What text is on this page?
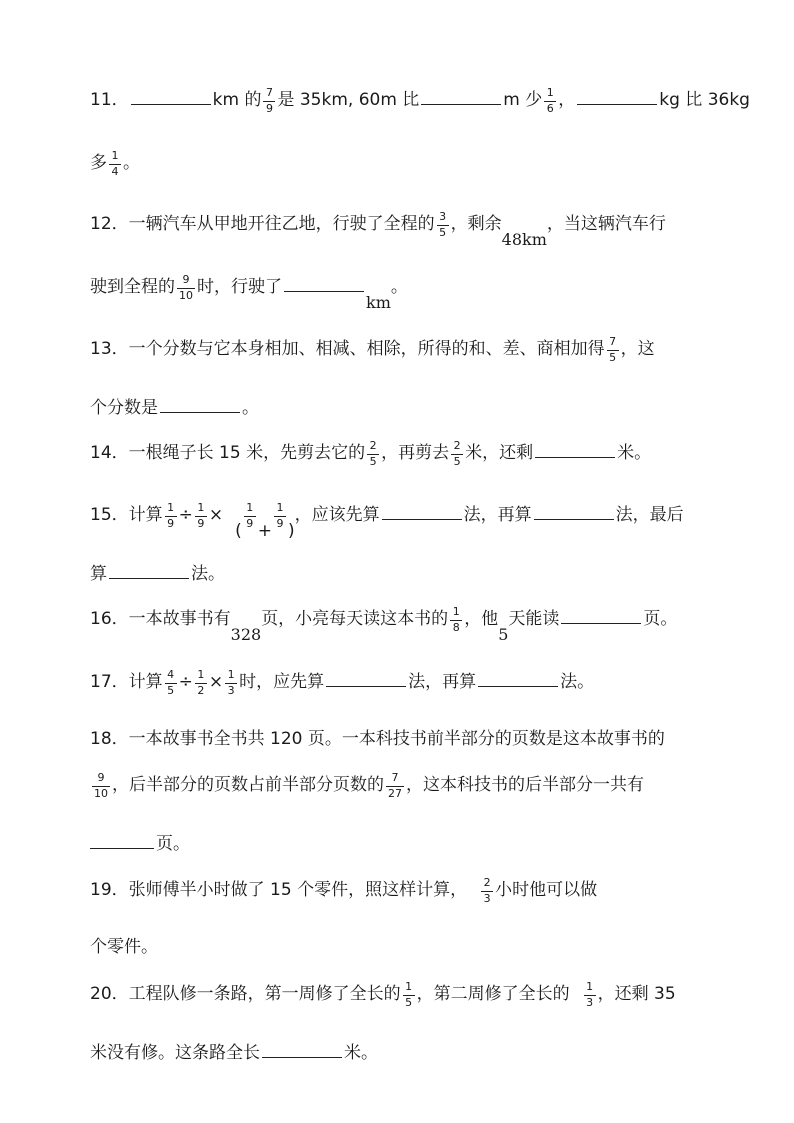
11．	km 的 $\frac{7}{9}$ 是 35km, 60m 比	m 少 $\frac{1}{6}$ ，	kg 比 36kg
多 $\frac{1}{4}$ 。
12．一辆汽车从甲地开往乙地，行驶了全程的 $\frac{3}{5}$ ，剩余48km，当这辆汽车行
驶到全程的 $\frac{9}{10}$ 时，行驶了km。
13．一个分数与它本身相加、相减、相除，所得的和、差、商相加得 $\frac{7}{5}$ ，这
个分数是	。
14．一根绳子长 15 米，先剪去它的 $\frac{2}{5}$ ，再剪去 $\frac{2}{5}$ 米，还剩	米。
15．计算 $\frac{1}{9} \div \frac{1}{9}$ ×(
$\frac{1}{9}$
+
$\frac{1}{9}$
)，应该先算	法，再算	法，最后
算	法。
16．一本故事书有328页，小亮每天读这本书的 $\frac{1}{8}$ ，他5天能读	页。
17．计算 $\frac{4}{5} \div \frac{1}{2} \times \frac{1}{3}$ 时，应先算	法，再算	法。
18．一本故事书全书共 120 页。一本科技书前半部分的页数是这本故事书的
$\frac{9}{10}$ ，后半部分的页数占前半部分页数的 $\frac{7}{27}$ ，这本科技书的后半部分一共有
页。
19．张师傅半小时做了 15 个零件，照这样计算， $\frac{2}{3}$ 小时他可以做
个零件。
20．工程队修一条路，第一周修了全长的 $\frac{1}{5}$ ，第二周修了全长的 $\frac{1}{3}$ ，还剩 35
米没有修。这条路全长	米。
